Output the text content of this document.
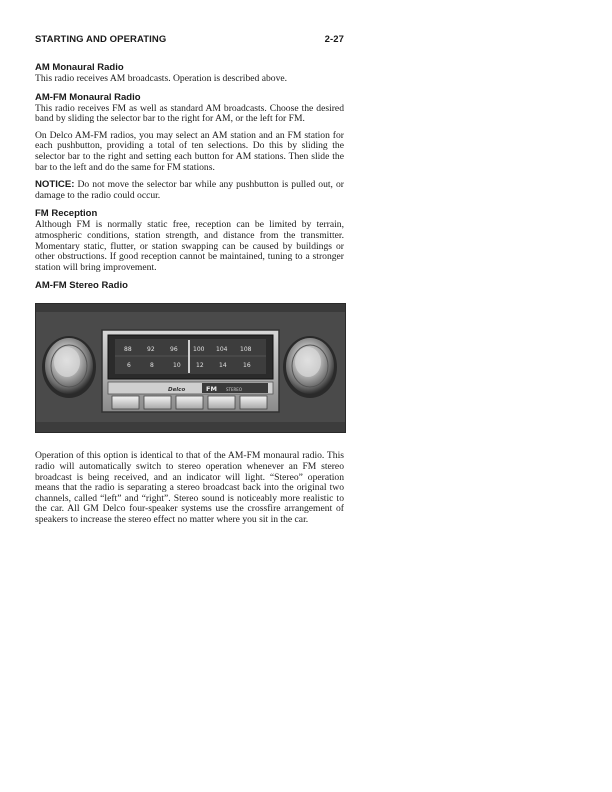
STARTING AND OPERATING	2-27
AM Monaural Radio

This radio receives AM broadcasts. Operation is described above.

AM-FM Monaural Radio

This radio receives FM as well as standard AM broadcasts. Choose the desired band by sliding the selector bar to the right for AM, or the left for FM.

On Delco AM-FM radios, you may select an AM station and an FM station for each pushbutton, providing a total of ten selections. Do this by sliding the selector bar to the right and setting each button for AM stations. Then slide the bar to the left and do the same for FM stations.

NOTICE: Do not move the selector bar while any pushbutton is pulled out, or damage to the radio could occur.

FM Reception

Although FM is normally static free, reception can be limited by terrain, atmospheric conditions, station strength, and distance from the transmitter. Momentary static, flutter, or station swapping can be caused by buildings or other obstructions. If good reception cannot be maintained, tuning to a stronger station will bring improvement.

AM-FM Stereo Radio
88	92	96	100 104 108
6	8	10	12	14	16
FM STEREO
Delco

Operation of this option is identical to that of the AM-FM monaural radio. This radio will automatically switch to stereo operation whenever an FM stereo broadcast is being received, and an indicator will light. “Stereo” operation means that the radio is separating a stereo broadcast back into the original two channels, called “left” and “right”. Stereo sound is noticeably more realistic to the car. All GM Delco four-speaker systems use the crossfire arrangement of speakers to increase the stereo effect no matter where you sit in the car.
